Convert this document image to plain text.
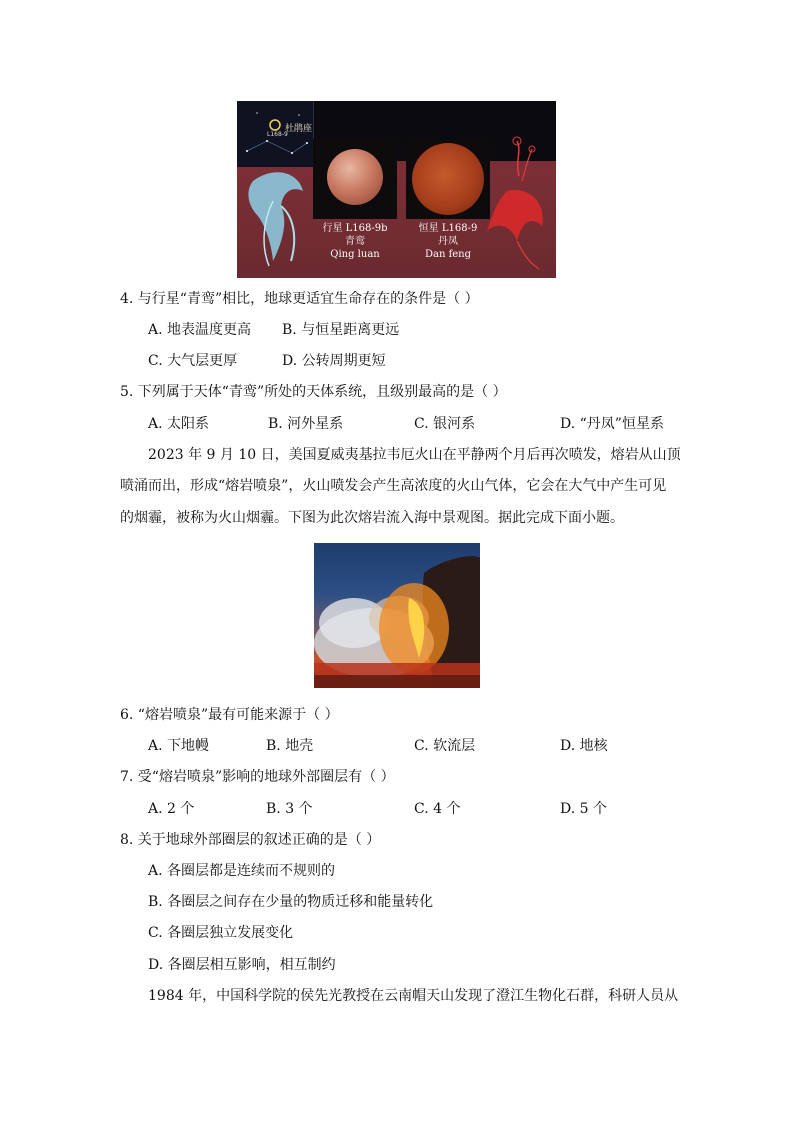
L168-9
杜鹃座
行星 L168-9b
青鸾
Qing luan
恒星 L168-9
丹凤
Dan feng
4. 与行星“青鸾”相比，地球更适宜生命存在的条件是（ ）
A. 地表温度更高 B. 与恒星距离更远
C. 大气层更厚	D. 公转周期更短
5. 下列属于天体“青鸾”所处的天体系统，且级别最高的是（ ）
A. 太阳系	B. 河外星系	C. 银河系	D. “丹凤”恒星系
2023 年 9 月 10 日，美国夏威夷基拉韦厄火山在平静两个月后再次喷发，熔岩从山顶
喷涌而出，形成“熔岩喷泉”，火山喷发会产生高浓度的火山气体，它会在大气中产生可见
的烟霾，被称为火山烟霾。下图为此次熔岩流入海中景观图。据此完成下面小题。
6. “熔岩喷泉”最有可能来源于（ ）
A. 下地幔	B. 地壳	C. 软流层	D. 地核
7. 受“熔岩喷泉”影响的地球外部圈层有（ ）
A. 2 个	B. 3 个	C. 4 个	D. 5 个
8. 关于地球外部圈层的叙述正确的是（ ）
A. 各圈层都是连续而不规则的
B. 各圈层之间存在少量的物质迁移和能量转化
C. 各圈层独立发展变化
D. 各圈层相互影响，相互制约
1984 年，中国科学院的侯先光教授在云南帽天山发现了澄江生物化石群，科研人员从
